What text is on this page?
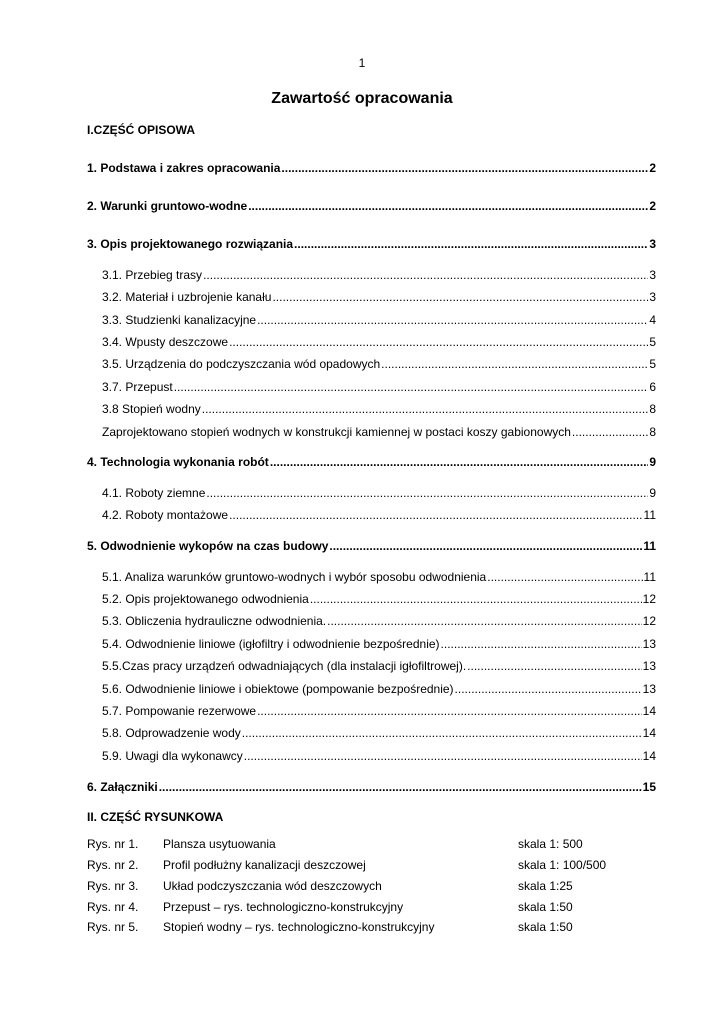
1
Zawartość opracowania
I.CZĘŚĆ OPISOWA
1. Podstawa i zakres opracowania .....	2
2. Warunki gruntowo-wodne .....	2
3. Opis projektowanego rozwiązania .....	3
3.1. Przebieg trasy .....	3
3.2. Materiał i uzbrojenie kanału .....	3
3.3. Studzienki kanalizacyjne .....	4
3.4. Wpusty deszczowe .....	5
3.5. Urządzenia do podczyszczania wód opadowych .....	5
3.7. Przepust .....	6
3.8 Stopień wodny .....	8
Zaprojektowano stopień wodnych w konstrukcji kamiennej w postaci koszy gabionowych .....	8
4. Technologia wykonania robót .....	9
4.1. Roboty ziemne .....	9
4.2. Roboty montażowe .....	11
5. Odwodnienie wykopów na czas budowy .....	11
5.1. Analiza warunków gruntowo-wodnych i wybór sposobu odwodnienia .....	11
5.2. Opis projektowanego odwodnienia .....	12
5.3. Obliczenia hydrauliczne odwodnienia. .....	12
5.4. Odwodnienie liniowe (igłofiltry i odwodnienie bezpośrednie) .....	13
5.5.Czas pracy urządzeń odwadniających (dla instalacji igłofiltrowej). .....	13
5.6. Odwodnienie liniowe i obiektowe (pompowanie bezpośrednie) .....	13
5.7. Pompowanie rezerwowe .....	14
5.8. Odprowadzenie wody .....	14
5.9. Uwagi dla wykonawcy .....	14
6. Załączniki .....	15
II. CZĘŚĆ RYSUNKOWA
Rys. nr 1. Plansza usytuowania	skala 1: 500
Rys. nr 2. Profil podłużny kanalizacji deszczowej	skala 1: 100/500
Rys. nr 3. Układ podczyszczania wód deszczowych	skala 1:25
Rys. nr 4. Przepust – rys. technologiczno-konstrukcyjny	skala 1:50
Rys. nr 5. Stopień wodny – rys. technologiczno-konstrukcyjny	skala 1:50
